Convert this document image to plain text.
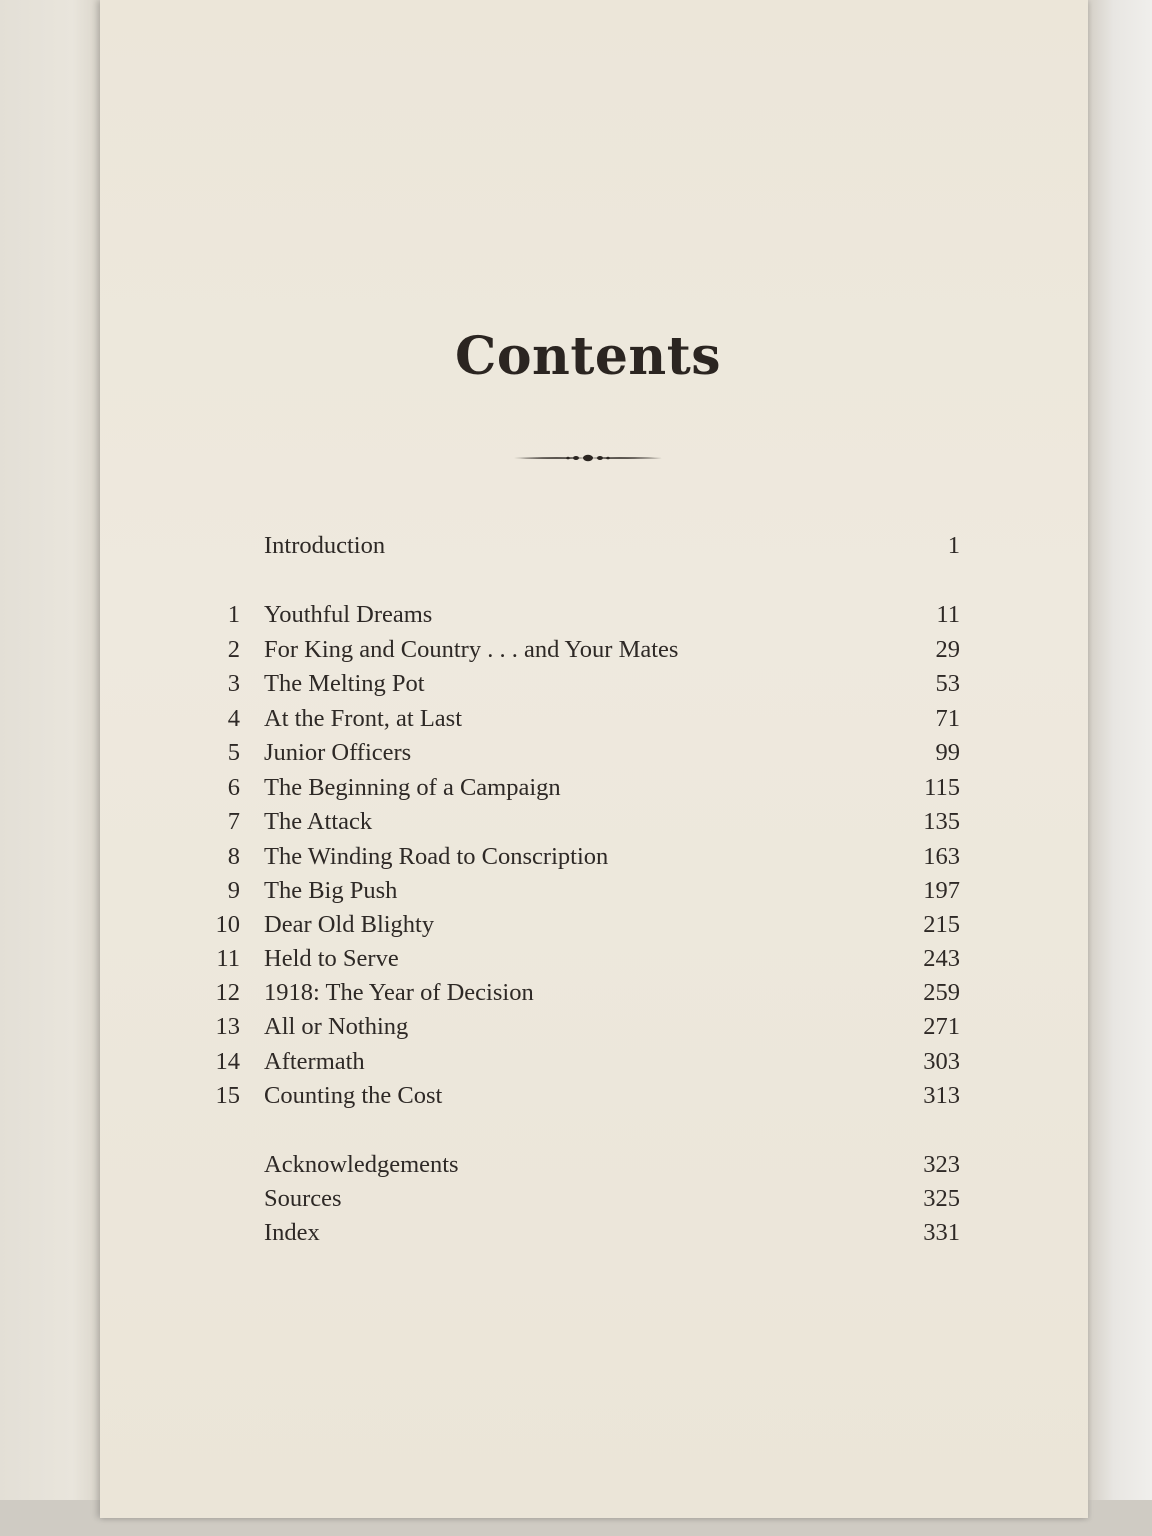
Contents
Introduction	1
1 Youthful Dreams	11
2 For King and Country . . . and Your Mates	29
3 The Melting Pot	53
4 At the Front, at Last	71
5 Junior Officers	99
6 The Beginning of a Campaign	115
7 The Attack	135
8 The Winding Road to Conscription	163
9 The Big Push	197
10 Dear Old Blighty	215
11 Held to Serve	243
12 1918: The Year of Decision	259
13 All or Nothing	271
14 Aftermath	303
15 Counting the Cost	313
Acknowledgements	323
Sources	325
Index	331
